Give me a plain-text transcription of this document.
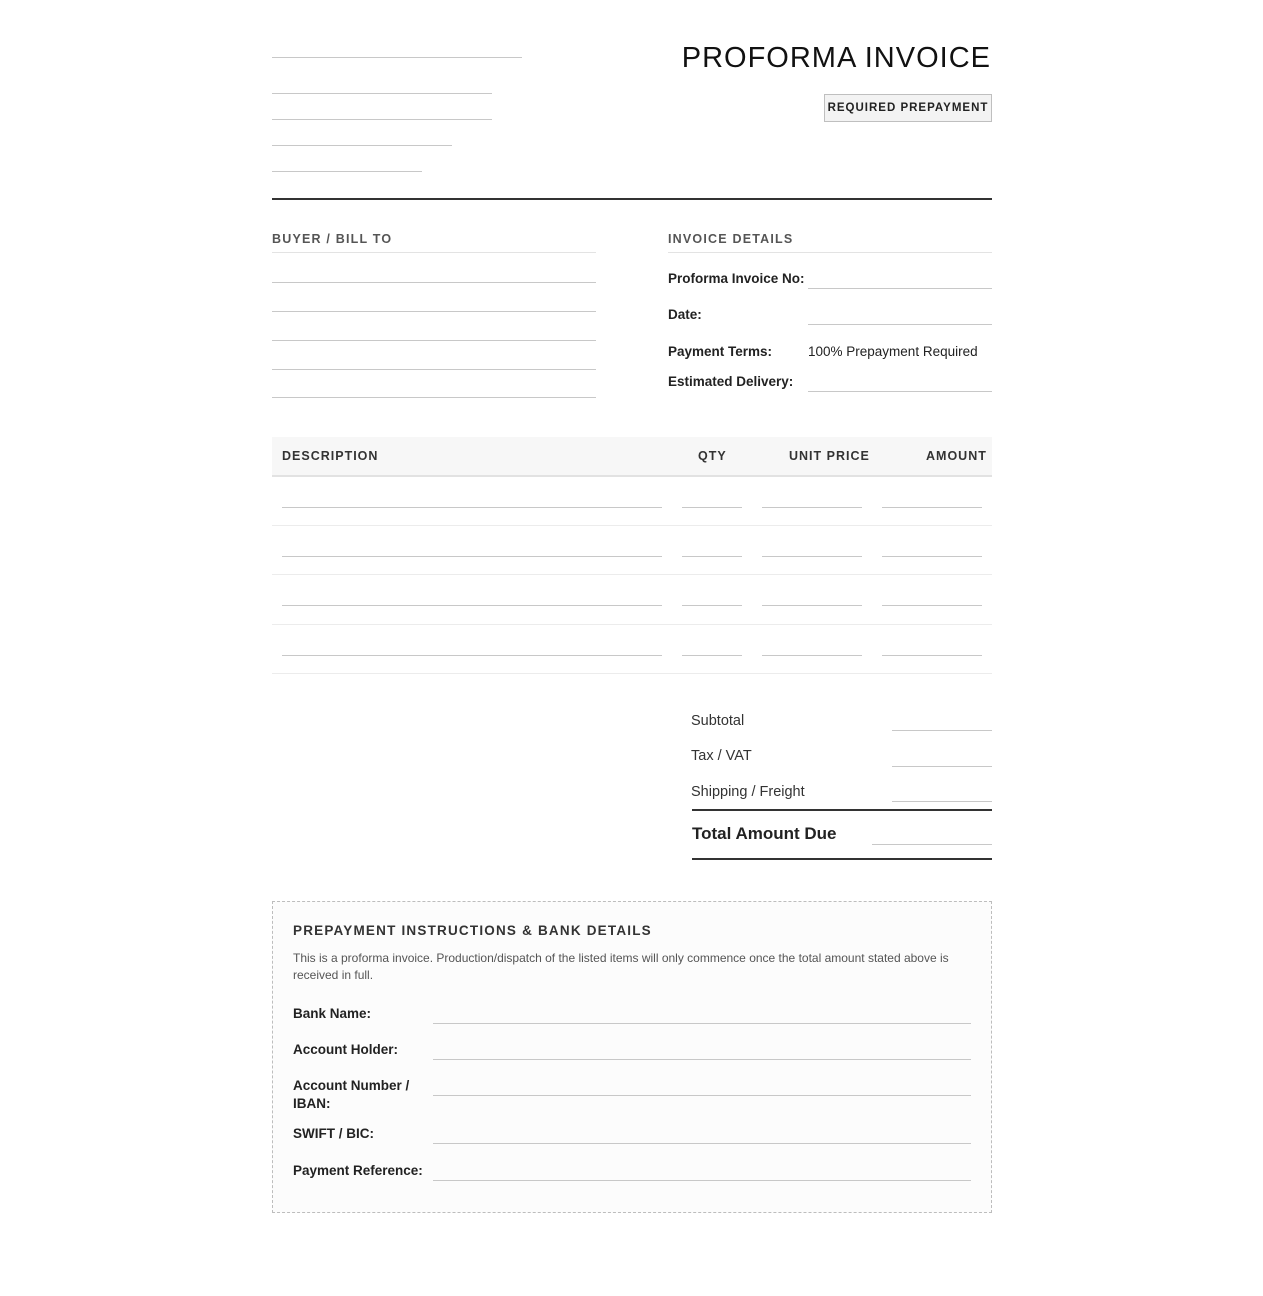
PROFORMA INVOICE
REQUIRED PREPAYMENT
BUYER / BILL TO	INVOICE DETAILS
Proforma Invoice No:
Date:
Payment Terms:	100% Prepayment Required
Estimated Delivery:
DESCRIPTION	QTY	UNIT PRICE	AMOUNT
Subtotal
Tax / VAT
Shipping / Freight
Total Amount Due
PREPAYMENT INSTRUCTIONS & BANK DETAILS
This is a proforma invoice. Production/dispatch of the listed items will only commence once the total amount stated above is received in full.
Bank Name:
Account Holder:
Account Number / IBAN:
SWIFT / BIC:
Payment Reference:
